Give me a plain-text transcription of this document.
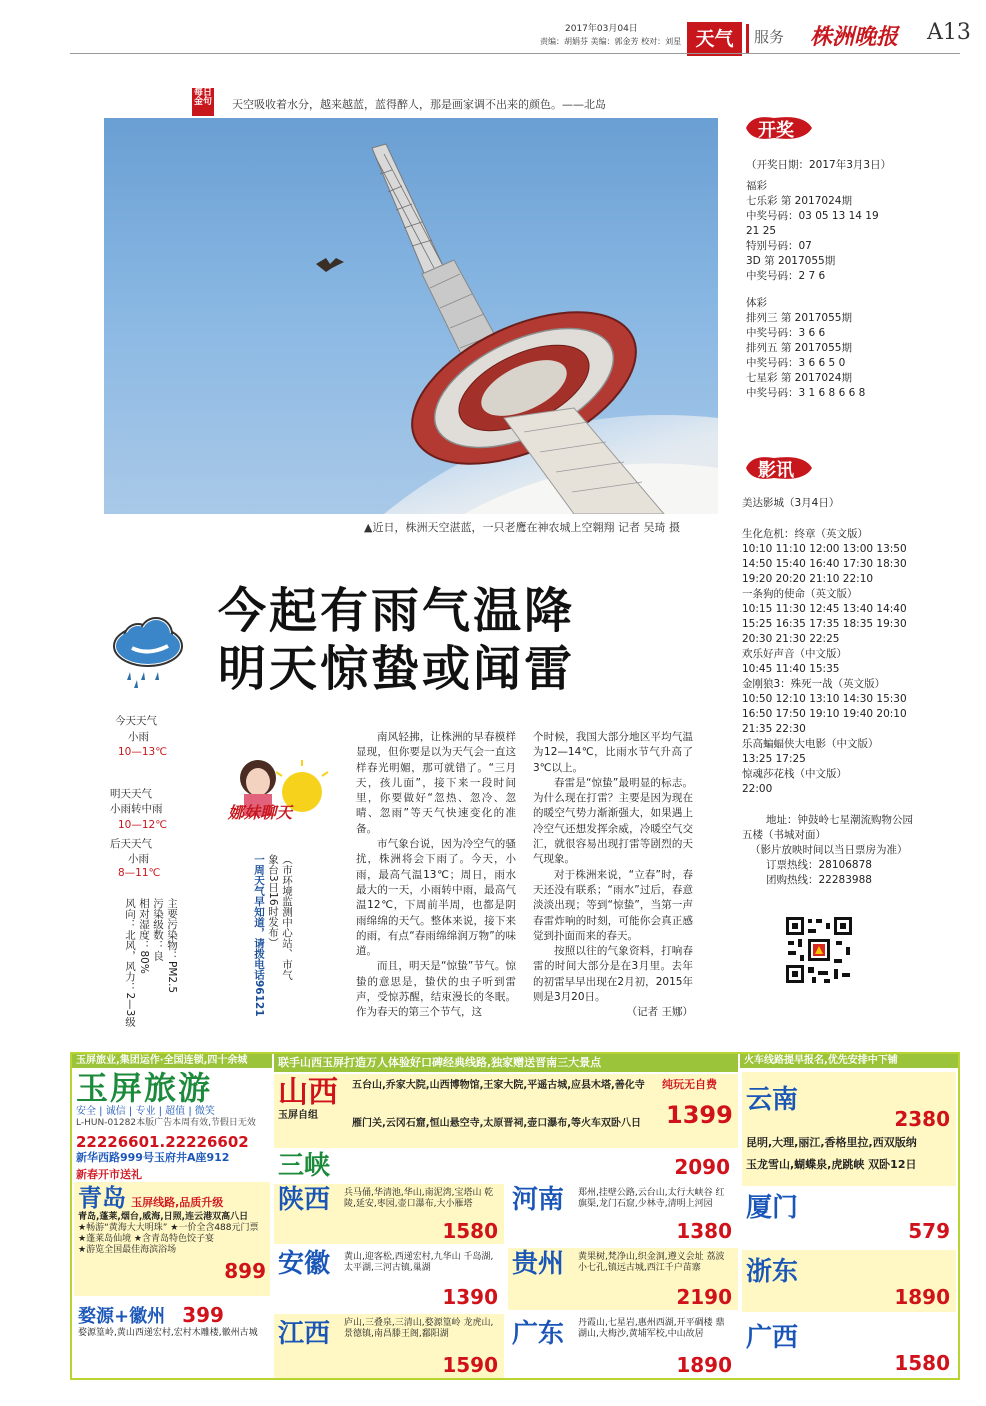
2017年03月04日
责编：胡娟芬 美编：郭金芳 校对：刘星 天气	服务 株洲晚报 A13
每日金句 天空吸收着水分，越来越蓝，蓝得醉人，那是画家调不出来的颜色。——北岛
▲近日，株洲天空湛蓝，一只老鹰在神农城上空翱翔 记者 吴琦 摄
今起有雨气温降
明天惊蛰或闻雷
今天天气
小雨
10—13℃
明天天气
小雨转中雨
10—12℃
后天天气
小雨
8—11℃
主要污染物：PM2.5
污染级数：良
相对湿度：80%
风向：北风，风力：2—3级
娜妹聊天
（市环境监测中心站、市气
象台3日16时发布）
一周天气早知道，请拨电话96121

南风轻拂，让株洲的早春模样显现，但你要是以为天气会一直这样春光明媚，那可就错了。“三月天，孩儿面”，接下来一段时间里，你要做好“忽热、忽冷、忽晴、忽雨”等天气快速变化的准备。

市气象台说，因为冷空气的骚扰，株洲将会下雨了。今天，小雨，最高气温13℃；周日，雨水最大的一天，小雨转中雨，最高气温12℃，下周前半周，也都是阴雨绵绵的天气。整体来说，接下来的雨，有点“春雨绵绵润万物”的味道。

而且，明天是“惊蛰”节气。惊蛰的意思是，蛰伏的虫子听到雷声，受惊苏醒，结束漫长的冬眠。作为春天的第三个节气，这

个时候，我国大部分地区平均气温为12—14℃，比雨水节气升高了3℃以上。

春雷是“惊蛰”最明显的标志。为什么现在打雷？主要是因为现在的暖空气势力渐渐强大，如果遇上冷空气还想发挥余威，冷暖空气交汇，就很容易出现打雷等剧烈的天气现象。

对于株洲来说，“立春”时，春天还没有联系；“雨水”过后，春意淡淡出现；等到“惊蛰”，当第一声春雷炸响的时刻，可能你会真正感觉到扑面而来的春天。

按照以往的气象资料，打响春雷的时间大部分是在3月里。去年的初雷早早出现在2月初，2015年则是3月20日。

（记者 王娜）
开奖
（开奖日期：2017年3月3日）
福彩
七乐彩 第 2017024期
中奖号码：03 05 13 14 19
21 25
特别号码：07
3D 第 2017055期
中奖号码：2 7 6
体彩
排列三 第 2017055期
中奖号码：3 6 6
排列五 第 2017055期
中奖号码：3 6 6 5 0
七星彩 第 2017024期
中奖号码：3 1 6 8 6 6 8
影讯
美达影城（3月4日）
生化危机：终章（英文版）
10:10 11:10 12:00 13:00 13:50
14:50 15:40 16:40 17:30 18:30
19:20 20:20 21:10 22:10
一条狗的使命（英文版）
10:15 11:30 12:45 13:40 14:40
15:25 16:35 17:35 18:35 19:30
20:30 21:30 22:25
欢乐好声音（中文版）
10:45 11:40 15:35
金刚狼3：殊死一战（英文版）
10:50 12:10 13:10 14:30 15:30
16:50 17:50 19:10 19:40 20:10
21:35 22:30
乐高蝙蝠侠大电影（中文版）
13:25 17:25
惊魂莎花栈（中文版）
22:00
地址：钟鼓岭七星潮流购物公园
五楼（书城对面）
（影片放映时间以当日票房为准）
订票热线：28106878
团购热线：22283988
玉屏旅业,集团运作·全国连锁,四十余城
玉屏旅游
安全 | 诚信 | 专业 | 超值 | 微笑
L-HUN-01282本版广告本周有效,节假日无效
22226601.22226602
新华西路999号玉府井A座912
新春开市送礼
青岛 玉屏线路,品质升级
青岛,蓬莱,烟台,威海,日照,连云港双高八日
★畅游“黄海大大明珠” ★一价全含488元门票
★蓬莱岛仙境 ★含青岛特色饺子宴
★游览全国最佳海滨浴场
899
婺源+徽州 399
婺源篁岭,黄山西递宏村,宏村木雕楼,徽州古城
联手山西玉屏打造万人体验好口碑经典线路,独家赠送晋南三大景点
山西
玉屏自组
五台山,乔家大院,山西博物馆,王家大院,平遥古城,应县木塔,善化寺
雁门关,云冈石窟,恒山悬空寺,太原晋祠,壶口瀑布,等火车双卧八日
纯玩无自费
1399
三峡	2090
陕西 兵马俑,华清池,华山,南泥湾,宝塔山 乾陵,延安,枣园,壶口瀑布,大小雁塔
1580
河南 郑州,挂壁公路,云台山,太行大峡谷 红旗渠,龙门石窟,少林寺,清明上河园
1380
安徽 黄山,迎客松,西递宏村,九华山 千岛湖,太平湖,三河古镇,巢湖
1390
贵州 黄果树,梵净山,织金洞,遵义会址 荔波小七孔,镇远古城,西江千户苗寨
2190
江西 庐山,三叠泉,三清山,婺源篁岭 龙虎山,景德镇,南昌滕王阁,鄱阳湖
1590
广东 丹霞山,七星岩,惠州西湖,开平碉楼 鼎湖山,大梅沙,黄埔军校,中山故居
1890
火车线路提早报名,优先安排中下铺
云南
2380
昆明,大理,丽江,香格里拉,西双版纳
玉龙雪山,蝴蝶泉,虎跳峡 双卧12日
厦门
579
浙东
1890
广西
1580
